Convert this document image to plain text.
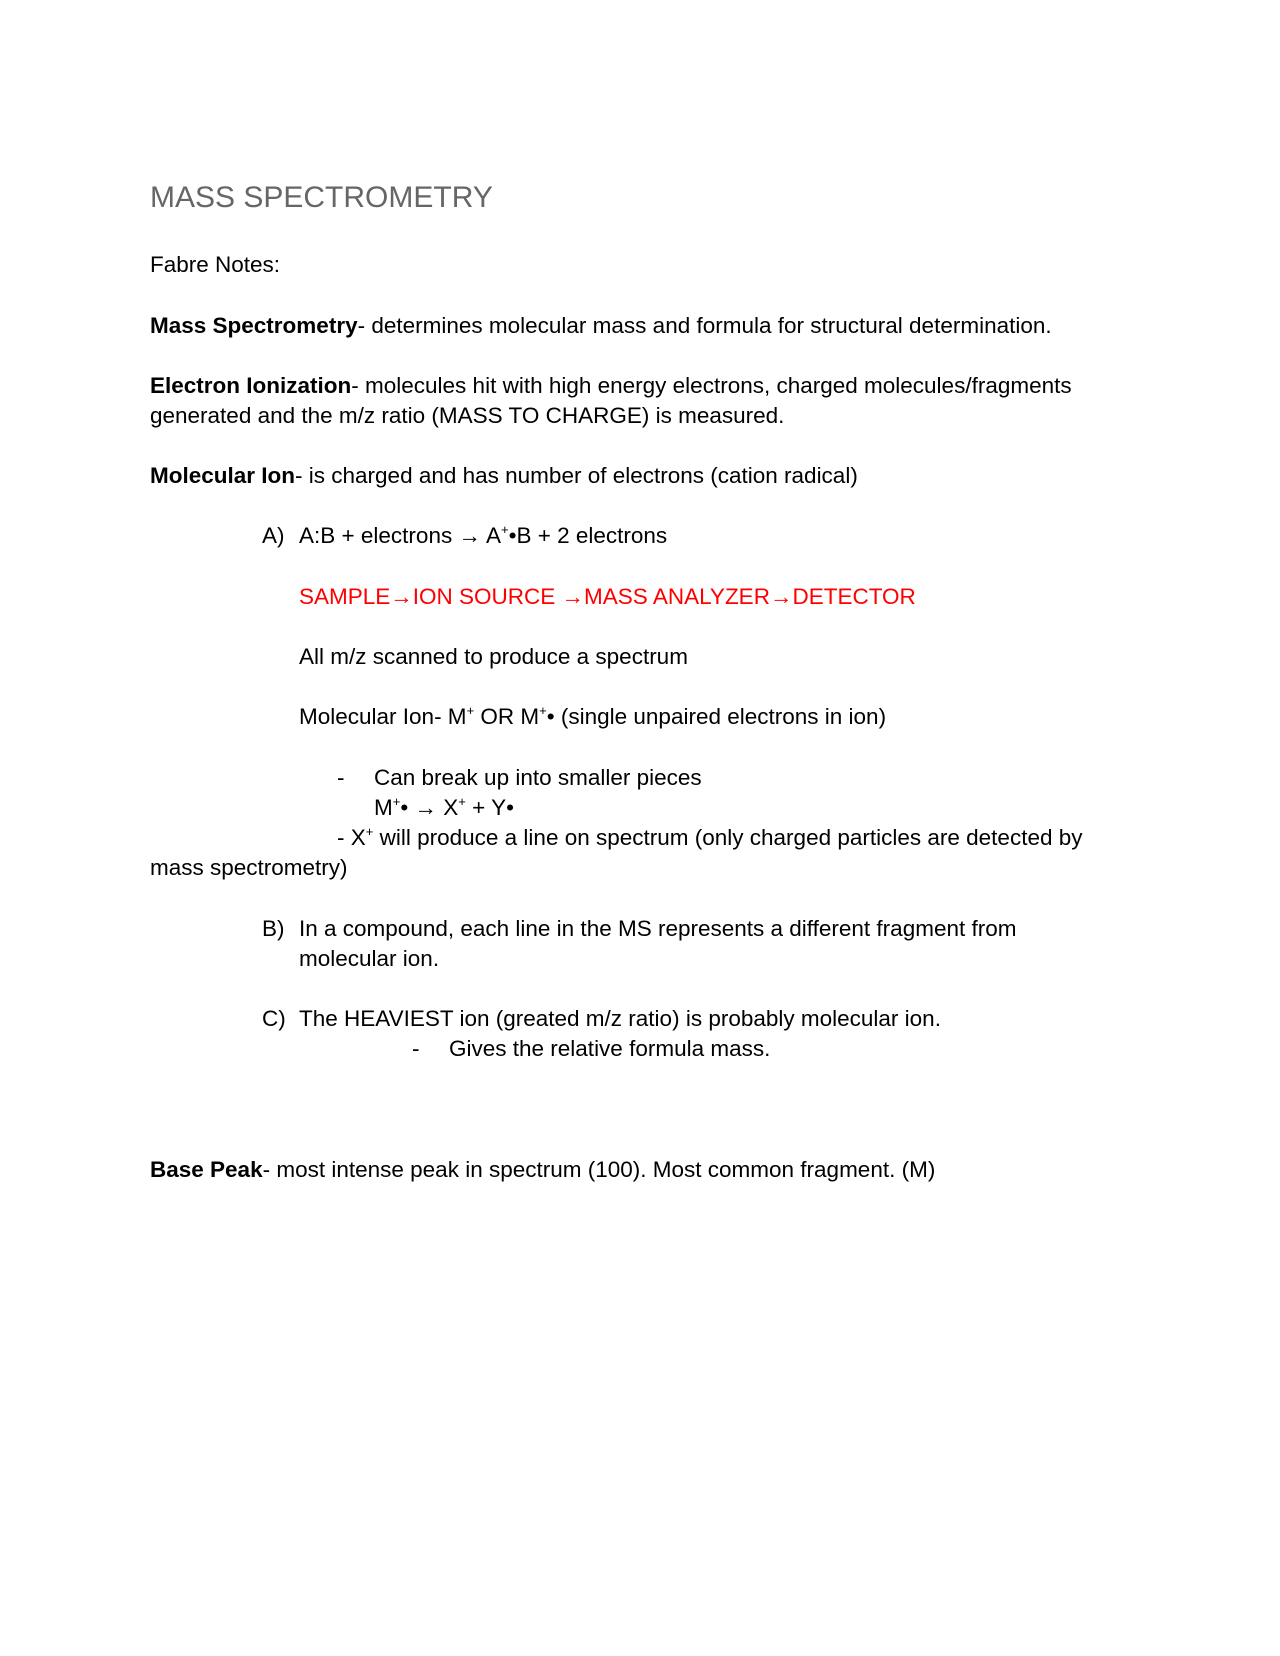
MASS SPECTROMETRY
Fabre Notes:
Mass Spectrometry- determines molecular mass and formula for structural determination.
Electron Ionization- molecules hit with high energy electrons, charged molecules/fragments
generated and the m/z ratio (MASS TO CHARGE) is measured.
Molecular Ion- is charged and has number of electrons (cation radical)
A) A:B + electrons → A+•B + 2 electrons
SAMPLE→ION SOURCE →MASS ANALYZER→DETECTOR
All m/z scanned to produce a spectrum
Molecular Ion- M+ OR M+• (single unpaired electrons in ion)
- Can break up into smaller pieces
M+• → X+ + Y•
- X+ will produce a line on spectrum (only charged particles are detected by
mass spectrometry)
B) In a compound, each line in the MS represents a different fragment from
molecular ion.
C) The HEAVIEST ion (greated m/z ratio) is probably molecular ion.
- Gives the relative formula mass.
Base Peak- most intense peak in spectrum (100). Most common fragment. (M)
